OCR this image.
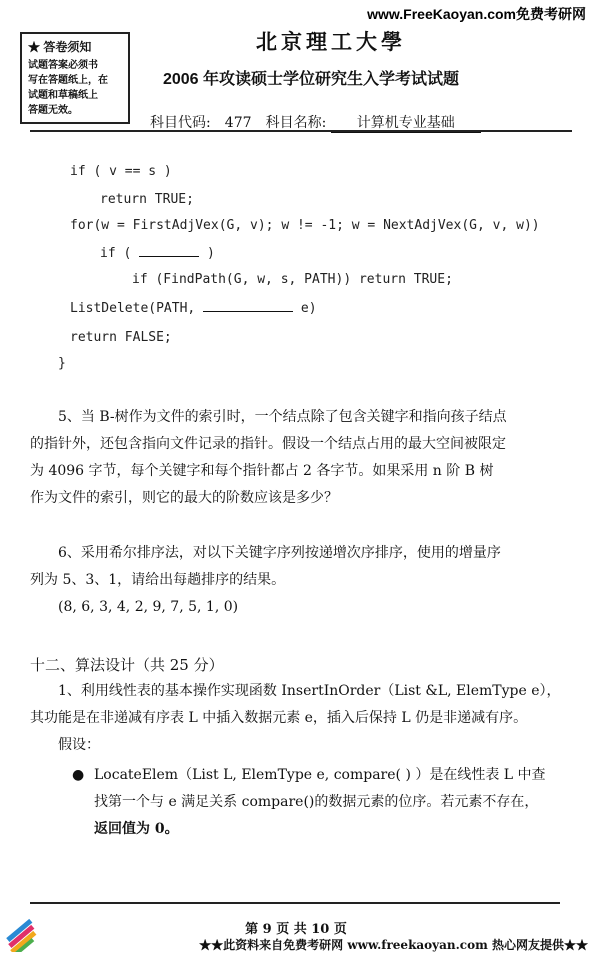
www.FreeKaoyan.com免费考研网
★ 答卷须知
试题答案必须书
写在答题纸上，在
试题和草稿纸上
答题无效。
北京理工大學
2006 年攻读硕士学位研究生入学考试试题
科目代码: 477 科目名称: 计算机专业基础
if ( v == s )
return TRUE;
for(w = FirstAdjVex(G, v); w != -1; w = NextAdjVex(G, v, w))
if (	)
if (FindPath(G, w, s, PATH)) return TRUE;
ListDelete(PATH,	e)
return FALSE;
}
5、当 B-树作为文件的索引时，一个结点除了包含关键字和指向孩子结点
的指针外，还包含指向文件记录的指针。假设一个结点占用的最大空间被限定
为 4096 字节，每个关键字和每个指针都占 2 各字节。如果采用 n 阶 B 树
作为文件的索引，则它的最大的阶数应该是多少？
6、采用希尔排序法，对以下关键字序列按递增次序排序，使用的增量序
列为 5、3、1，请给出每趟排序的结果。
(8, 6, 3, 4, 2, 9, 7, 5, 1, 0)
十二、算法设计（共 25 分）
1、利用线性表的基本操作实现函数 InsertInOrder（List &L, ElemType e），
其功能是在非递减有序表 L 中插入数据元素 e，插入后保持 L 仍是非递减有序。
假设：
● LocateElem（List L, ElemType e, compare( ) ）是在线性表 L 中查
找第一个与 e 满足关系 compare()的数据元素的位序。若元素不存在，
返回值为 0。
第 9 页 共 10 页
★★此资料来自免费考研网 www.freekaoyan.com 热心网友提供★★
